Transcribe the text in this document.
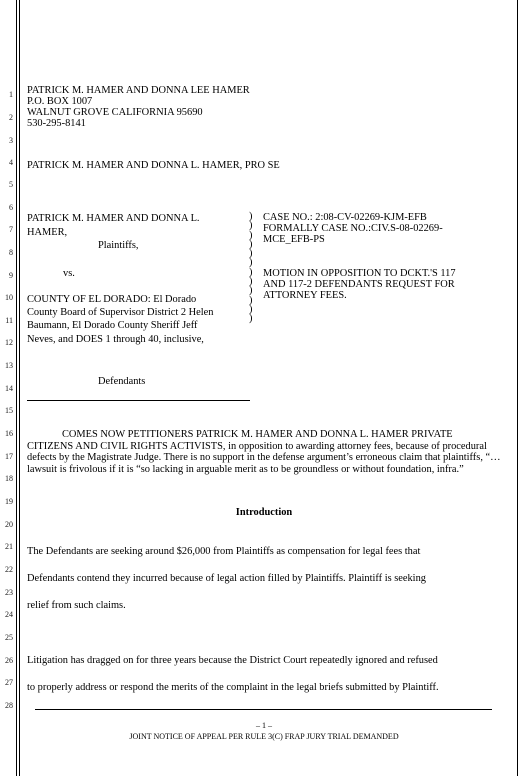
1
2
3
4
5
6
7
8
9
10
11
12
13
14
15
16
17
18
19
20
21
22
23
24
25
26
27
28
PATRICK M. HAMER AND DONNA LEE HAMER
P.O. BOX 1007
WALNUT GROVE CALIFORNIA 95690
530-295-8141
PATRICK M. HAMER AND DONNA L. HAMER, PRO SE
PATRICK M. HAMER AND DONNA L.
HAMER,
Plaintiffs,
vs.
COUNTY OF EL DORADO: El Dorado
County Board of Supervisor District 2 Helen
Baumann, El Dorado County Sheriff Jeff
Neves, and DOES 1 through 40, inclusive,
Defendants
)
)
)
)
)
)
)
)
)
)
)
)
CASE NO.: 2:08-CV-02269-KJM-EFB
FORMALLY CASE NO.:CIV.S-08-02269-
MCE_EFB-PS
MOTION IN OPPOSITION TO DCKT.'S 117
AND 117-2 DEFENDANTS REQUEST FOR
ATTORNEY FEES.
COMES NOW PETITIONERS PATRICK M. HAMER AND DONNA L. HAMER PRIVATE CITIZENS AND CIVIL RIGHTS ACTIVISTS, in opposition to awarding attorney fees, because of procedural defects by the Magistrate Judge. There is no support in the defense argument’s erroneous claim that plaintiffs, “…lawsuit is frivolous if it is “so lacking in arguable merit as to be groundless or without foundation, infra.”
Introduction
The Defendants are seeking around $26,000 from Plaintiffs as compensation for legal fees that
Defendants contend they incurred because of legal action filled by Plaintiffs. Plaintiff is seeking
relief from such claims.
Litigation has dragged on for three years because the District Court repeatedly ignored and refused
to properly address or respond the merits of the complaint in the legal briefs submitted by Plaintiff.
– 1 –
JOINT NOTICE OF APPEAL PER RULE 3(C) FRAP JURY TRIAL DEMANDED
